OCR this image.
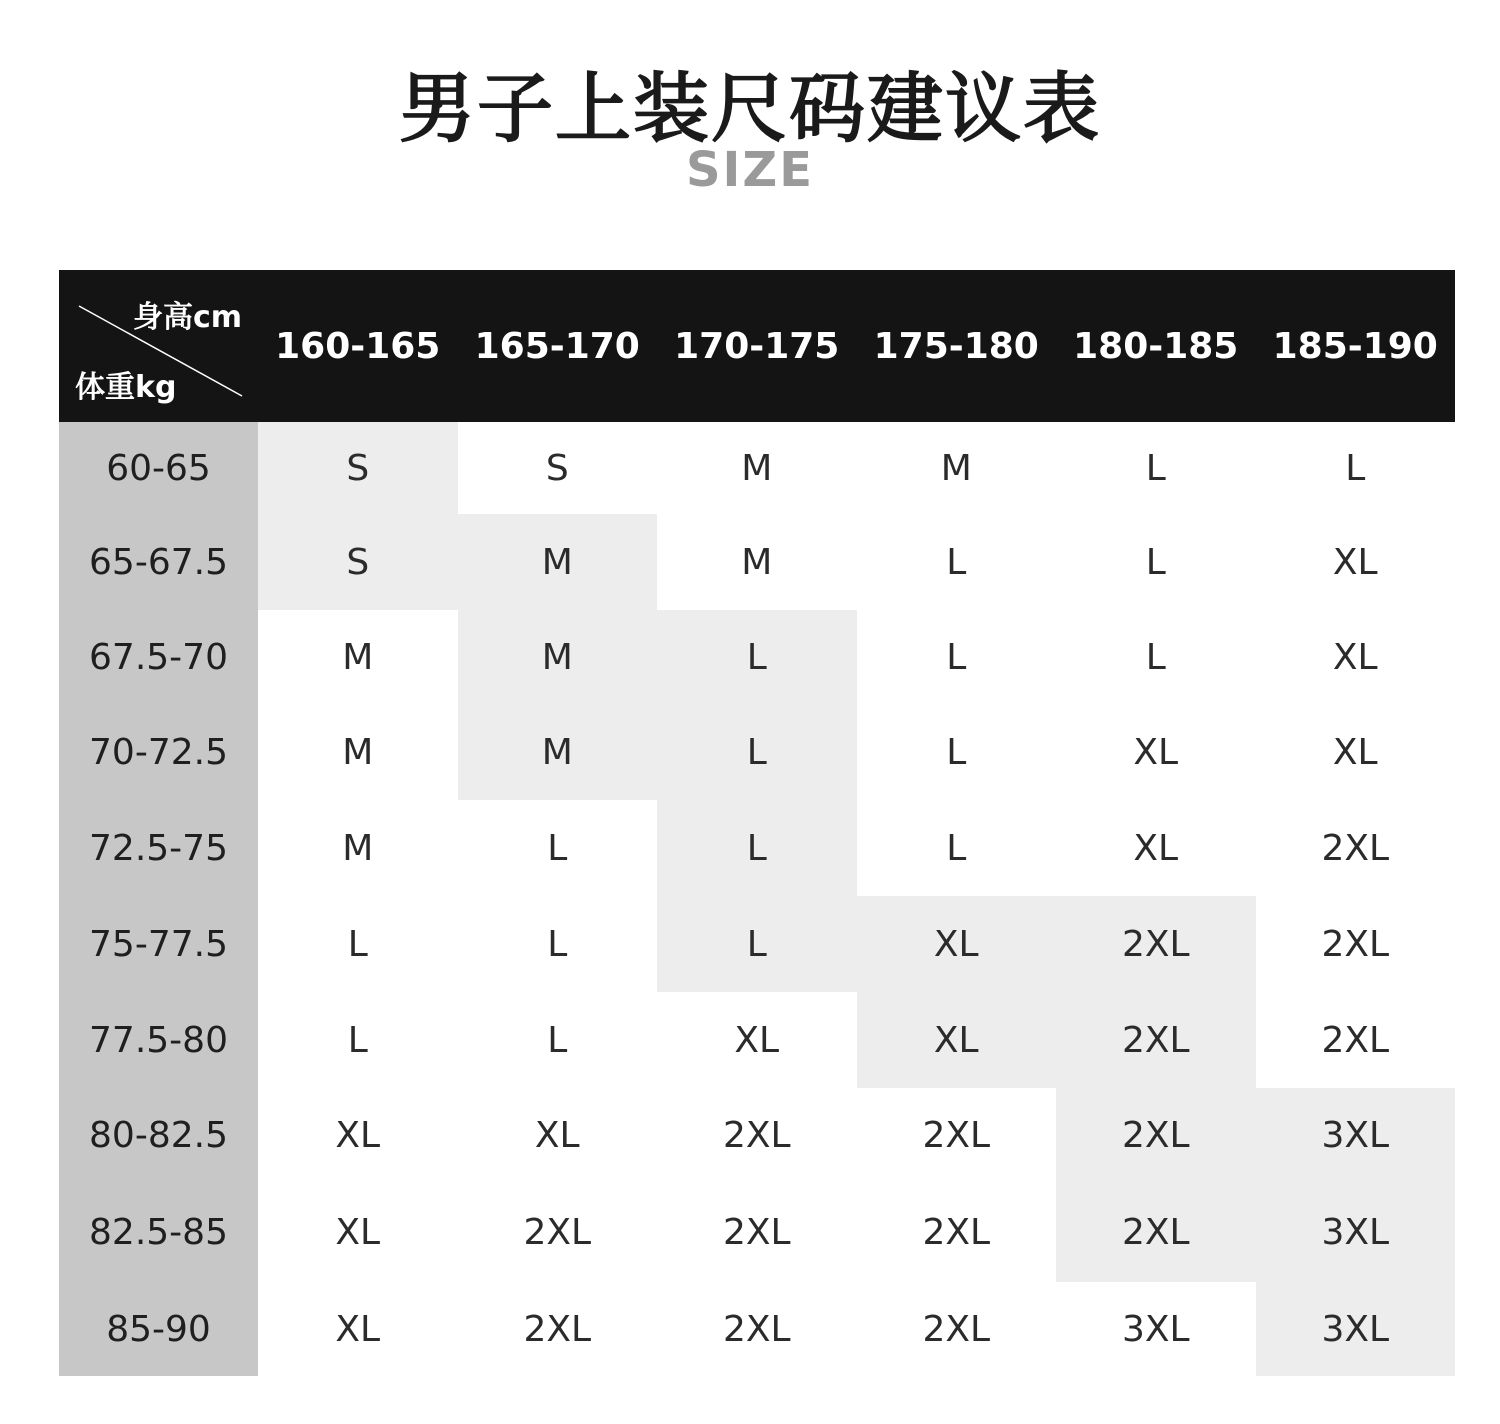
男子上装尺码建议表
SIZE
身高cm
体重kg
160-165 165-170 170-175 175-180 180-185 185-190
60-65	S	S	M	M	L	L
65-67.5	S	M	M	L	L	XL
67.5-70	M	M	L	L	L	XL
70-72.5	M	M	L	L	XL	XL
72.5-75	M	L	L	L	XL	2XL
75-77.5	L	L	L	XL	2XL	2XL
77.5-80	L	L	XL	XL	2XL	2XL
80-82.5	XL	XL	2XL	2XL	2XL	3XL
82.5-85	XL	2XL	2XL	2XL	2XL	3XL
85-90	XL	2XL	2XL	2XL	3XL	3XL
